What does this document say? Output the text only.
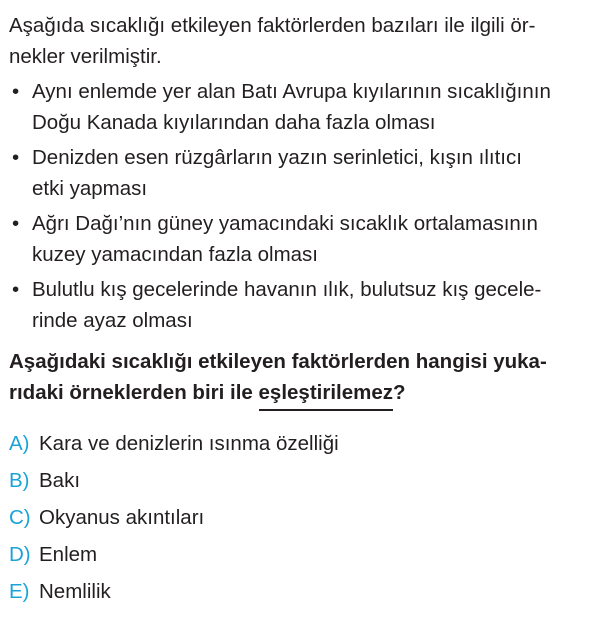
Aşağıda sıcaklığı etkileyen faktörlerden bazıları ile ilgili ör-
nekler verilmiştir.

• Aynı enlemde yer alan Batı Avrupa kıyılarının sıcaklığının
Doğu Kanada kıyılarından daha fazla olması
• Denizden esen rüzgârların yazın serinletici, kışın ılıtıcı
etki yapması
• Ağrı Dağı’nın güney yamacındaki sıcaklık ortalamasının
kuzey yamacından fazla olması
• Bulutlu kış gecelerinde havanın ılık, bulutsuz kış gecele-
rinde ayaz olması

Aşağıdaki sıcaklığı etkileyen faktörlerden hangisi yuka-
rıdaki örneklerden biri ile eşleştirilemez?

A) Kara ve denizlerin ısınma özelliği
B) Bakı
C) Okyanus akıntıları
D) Enlem
E) Nemlilik
